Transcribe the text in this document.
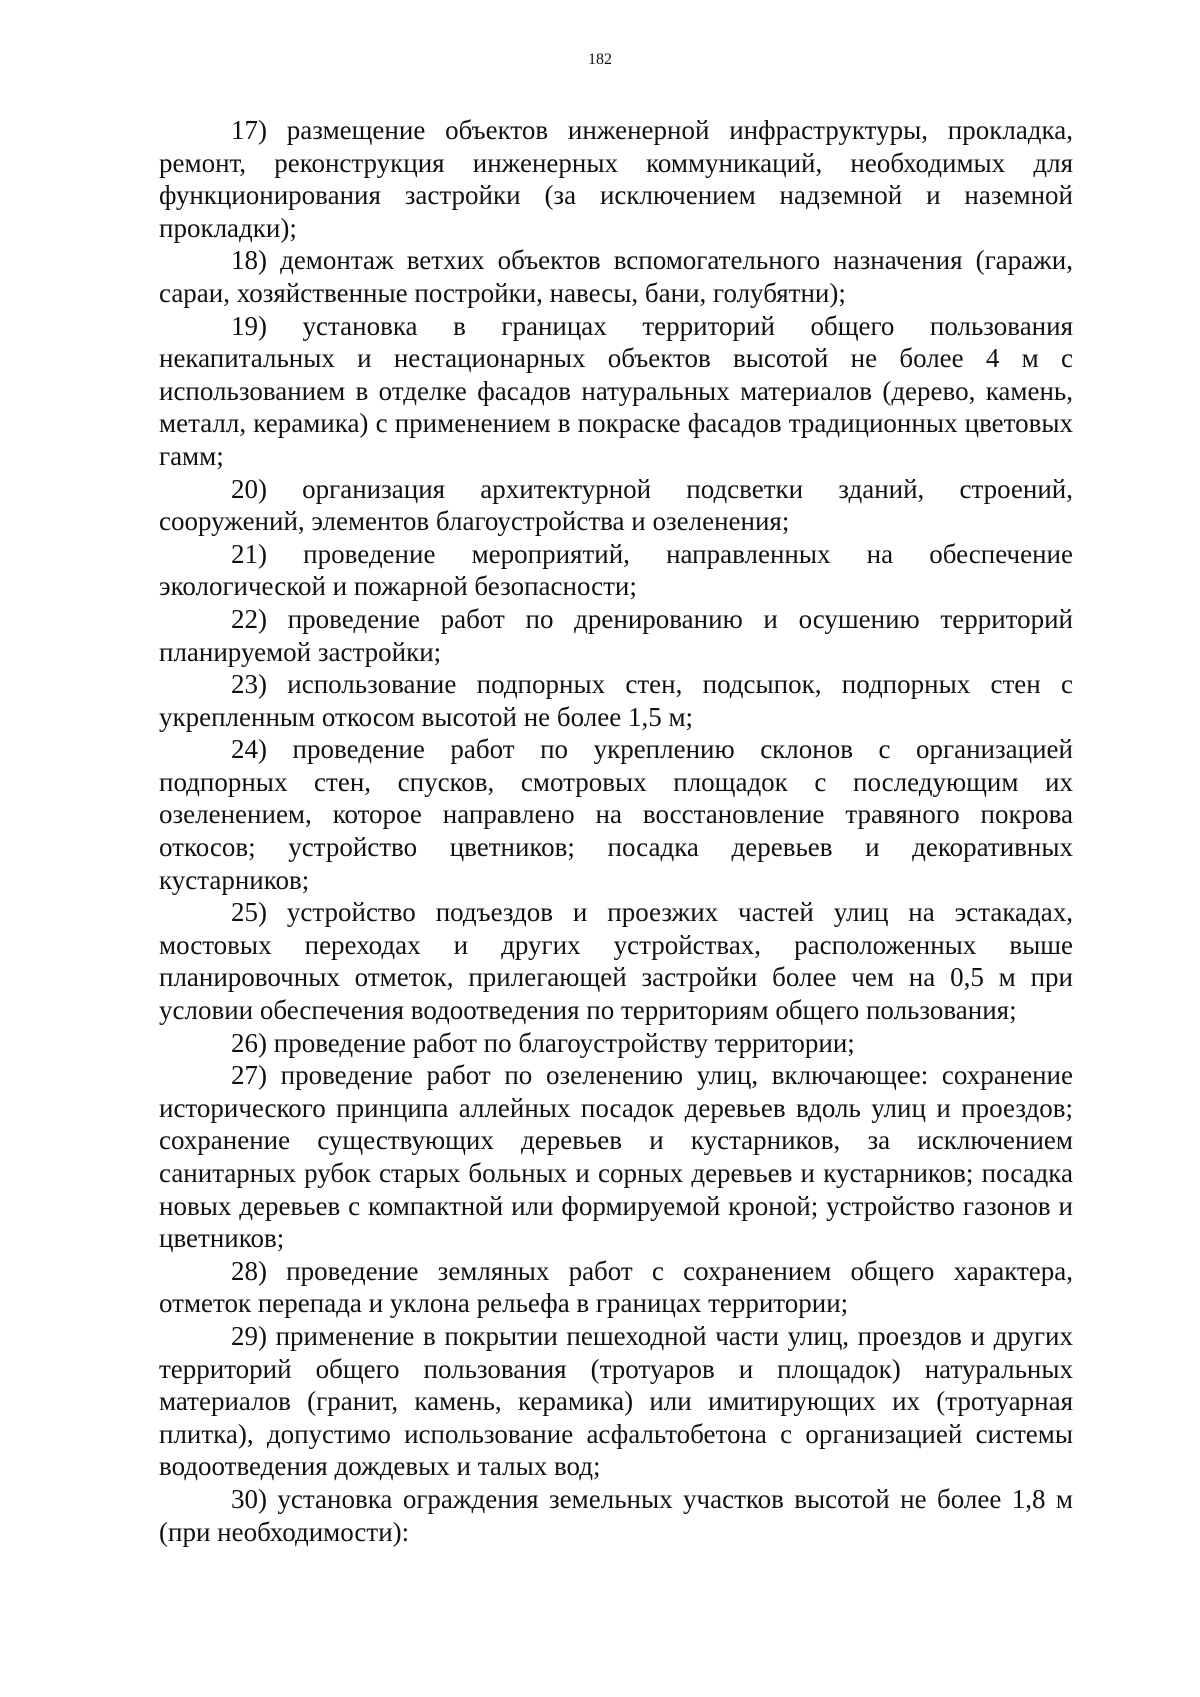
182

17) размещение объектов инженерной инфраструктуры, прокладка, ремонт, реконструкция инженерных коммуникаций, необходимых для функционирования застройки (за исключением надземной и наземной прокладки);

18) демонтаж ветхих объектов вспомогательного назначения (гаражи, сараи, хозяйственные постройки, навесы, бани, голубятни);

19) установка в границах территорий общего пользования некапитальных и нестационарных объектов высотой не более 4 м с использованием в отделке фасадов натуральных материалов (дерево, камень, металл, керамика) с применением в покраске фасадов традиционных цветовых гамм;

20) организация архитектурной подсветки зданий, строений, сооружений, элементов благоустройства и озеленения;

21) проведение мероприятий, направленных на обеспечение экологической и пожарной безопасности;

22) проведение работ по дренированию и осушению территорий планируемой застройки;

23) использование подпорных стен, подсыпок, подпорных стен с укрепленным откосом высотой не более 1,5 м;

24) проведение работ по укреплению склонов с организацией подпорных стен, спусков, смотровых площадок с последующим их озеленением, которое направлено на восстановление травяного покрова откосов; устройство цветников; посадка деревьев и декоративных кустарников;

25) устройство подъездов и проезжих частей улиц на эстакадах, мостовых переходах и других устройствах, расположенных выше планировочных отметок, прилегающей застройки более чем на 0,5 м при условии обеспечения водоотведения по территориям общего пользования;

26) проведение работ по благоустройству территории;

27) проведение работ по озеленению улиц, включающее: сохранение исторического принципа аллейных посадок деревьев вдоль улиц и проездов; сохранение существующих деревьев и кустарников, за исключением санитарных рубок старых больных и сорных деревьев и кустарников; посадка новых деревьев с компактной или формируемой кроной; устройство газонов и цветников;

28) проведение земляных работ с сохранением общего характера, отметок перепада и уклона рельефа в границах территории;

29) применение в покрытии пешеходной части улиц, проездов и других территорий общего пользования (тротуаров и площадок) натуральных материалов (гранит, камень, керамика) или имитирующих их (тротуарная плитка), допустимо использование асфальтобетона с организацией системы водоотведения дождевых и талых вод;

30) установка ограждения земельных участков высотой не более 1,8 м (при необходимости):
